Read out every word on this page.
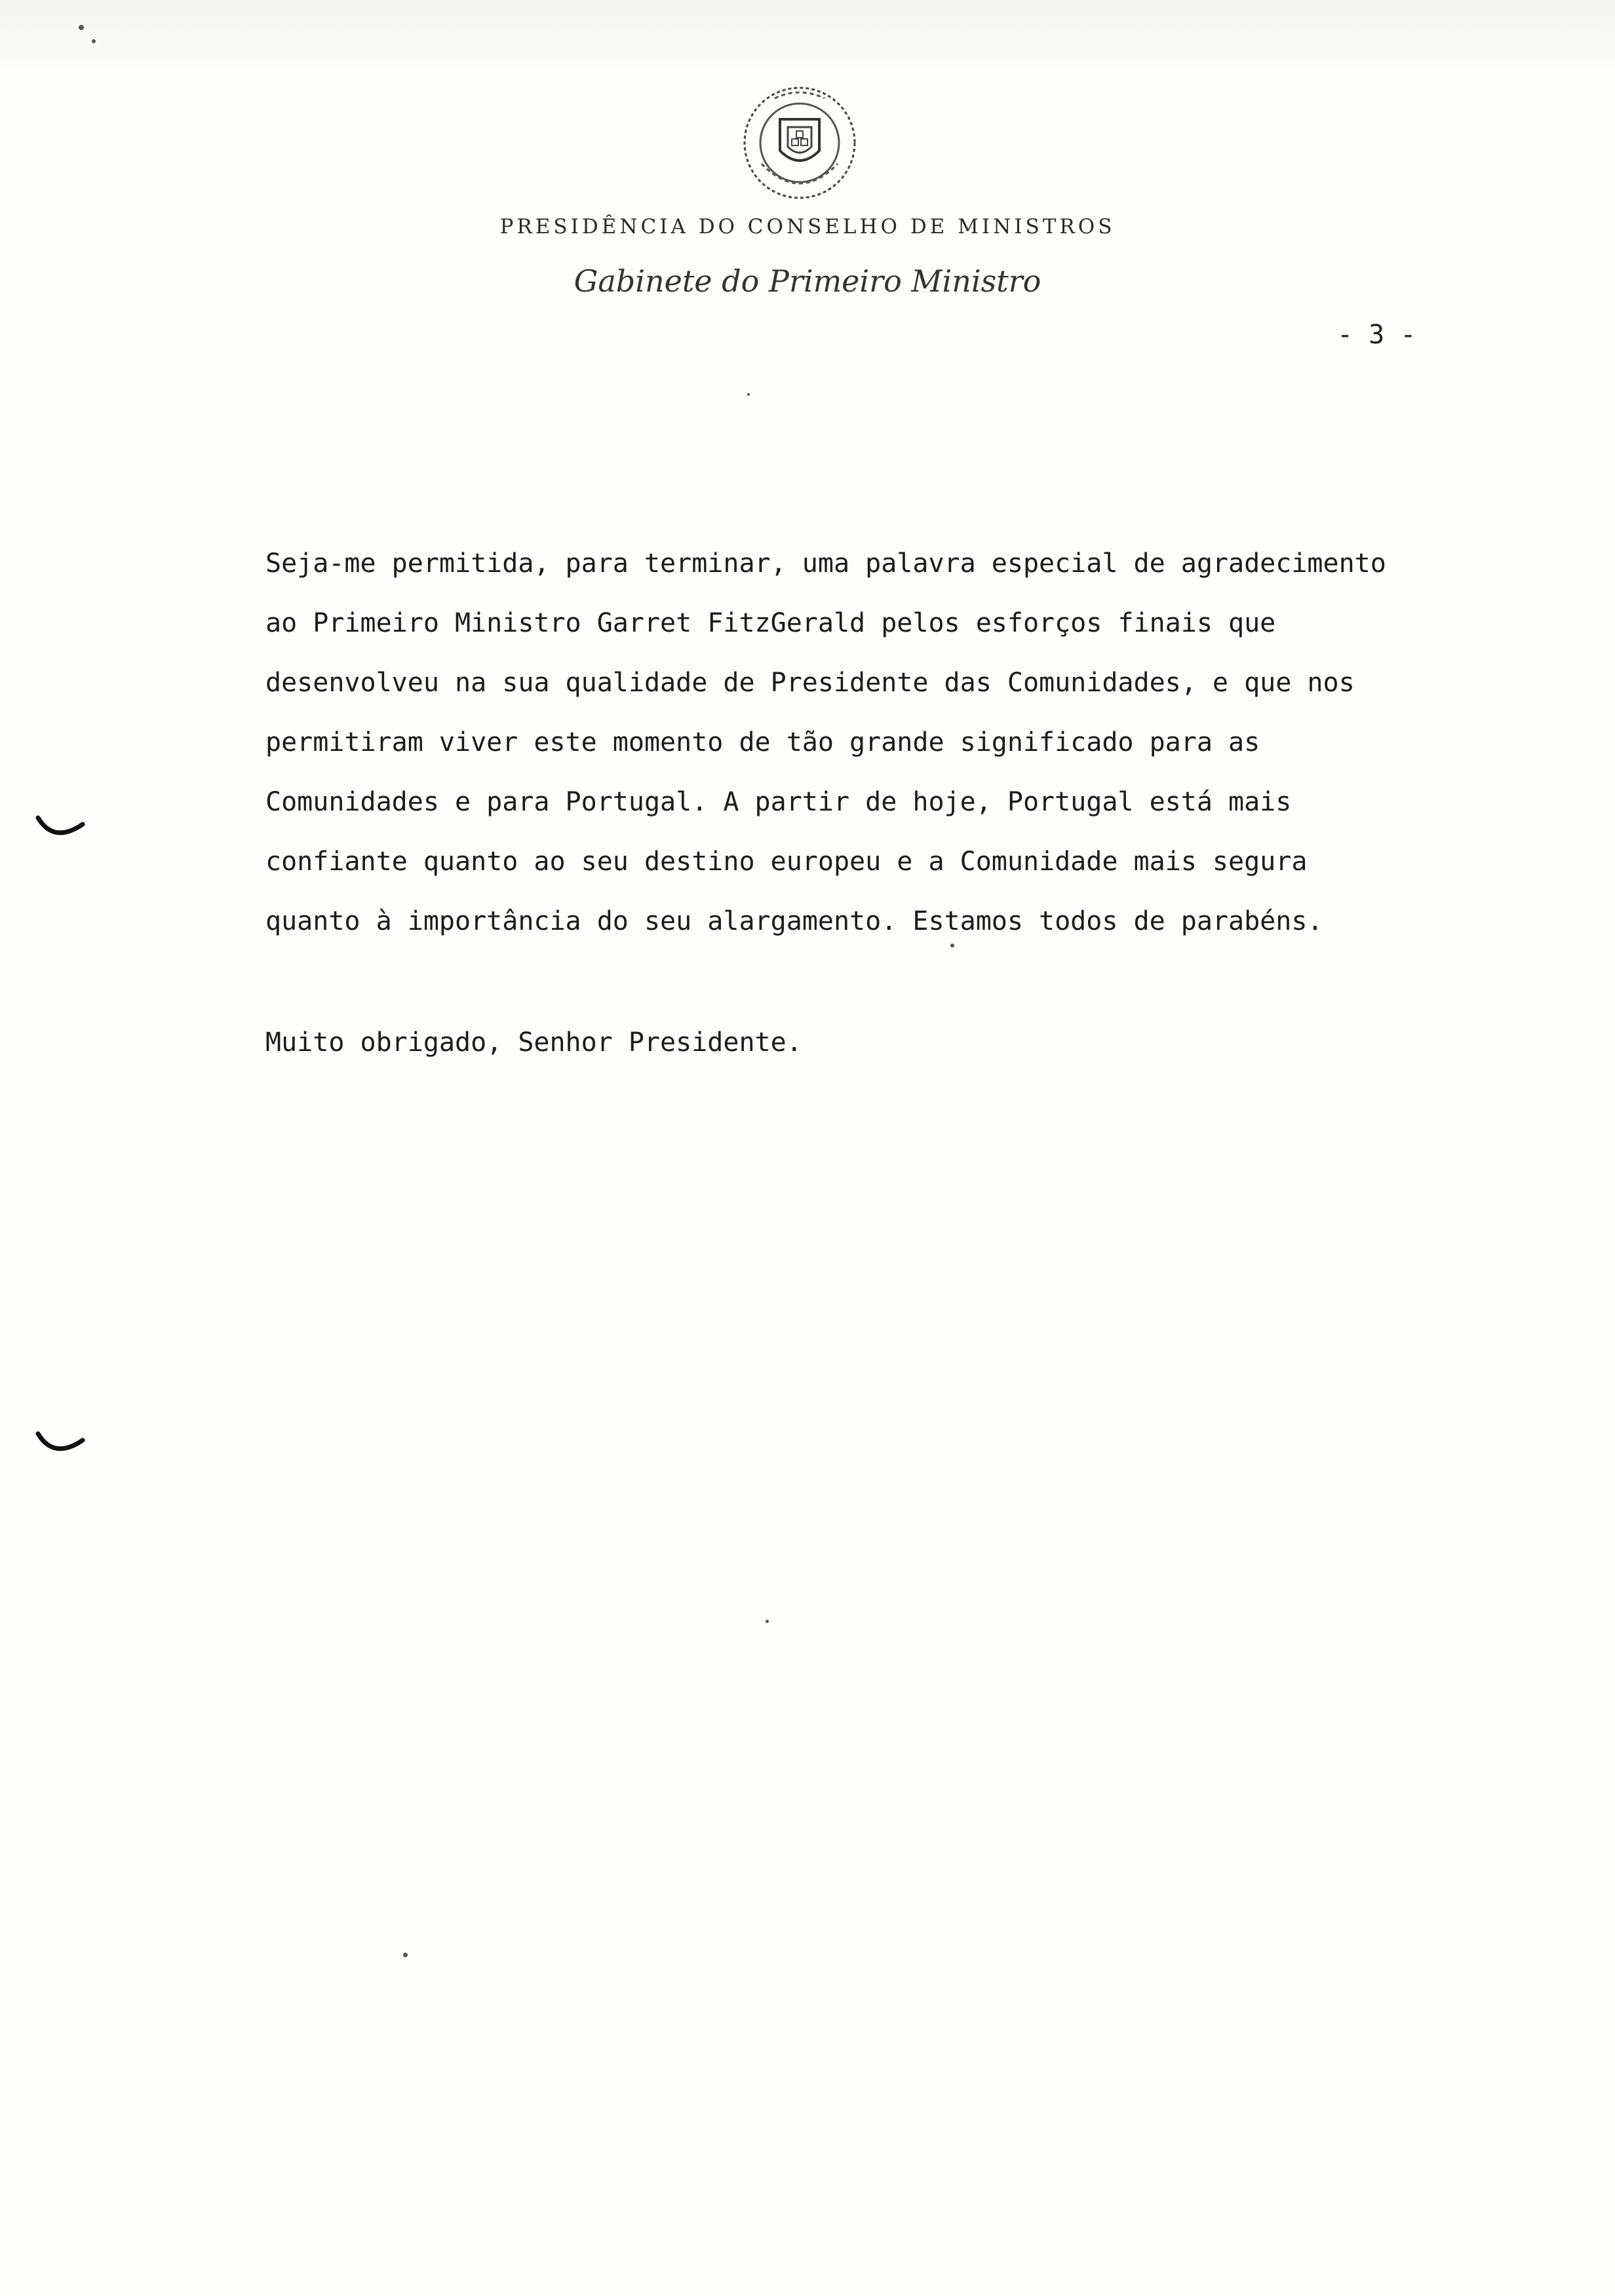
PRESIDÊNCIA DO CONSELHO DE MINISTROS
Gabinete do Primeiro Ministro
- 3 -

Seja-me permitida, para terminar, uma palavra especial de agradecimento

ao Primeiro Ministro Garret FitzGerald pelos esforços finais que

desenvolveu na sua qualidade de Presidente das Comunidades, e que nos

permitiram viver este momento de tão grande significado para as

Comunidades e para Portugal. A partir de hoje, Portugal está mais

confiante quanto ao seu destino europeu e a Comunidade mais segura

quanto à importância do seu alargamento. Estamos todos de parabéns.

Muito obrigado, Senhor Presidente.
